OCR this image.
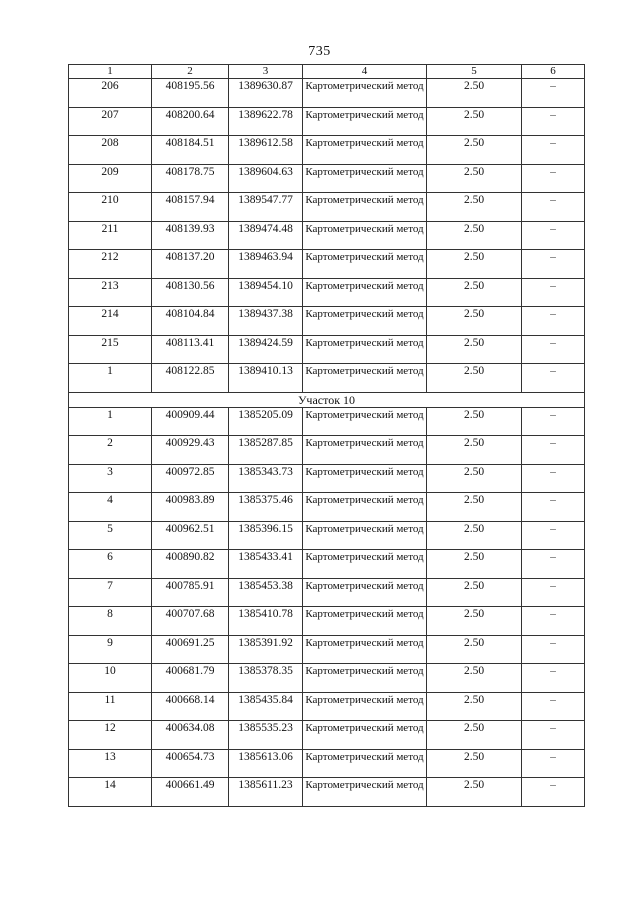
735
1	2	3	4	5	6
206	408195.56	1389630.87	Картометрический метод	2.50	–
207	408200.64	1389622.78	Картометрический метод	2.50	–
208	408184.51	1389612.58	Картометрический метод	2.50	–
209	408178.75	1389604.63	Картометрический метод	2.50	–
210	408157.94	1389547.77	Картометрический метод	2.50	–
211	408139.93	1389474.48	Картометрический метод	2.50	–
212	408137.20	1389463.94	Картометрический метод	2.50	–
213	408130.56	1389454.10	Картометрический метод	2.50	–
214	408104.84	1389437.38	Картометрический метод	2.50	–
215	408113.41	1389424.59	Картометрический метод	2.50	–
1	408122.85	1389410.13	Картометрический метод	2.50	–
Участок 10					
1	400909.44	1385205.09	Картометрический метод	2.50	–
2	400929.43	1385287.85	Картометрический метод	2.50	–
3	400972.85	1385343.73	Картометрический метод	2.50	–
4	400983.89	1385375.46	Картометрический метод	2.50	–
5	400962.51	1385396.15	Картометрический метод	2.50	–
6	400890.82	1385433.41	Картометрический метод	2.50	–
7	400785.91	1385453.38	Картометрический метод	2.50	–
8	400707.68	1385410.78	Картометрический метод	2.50	–
9	400691.25	1385391.92	Картометрический метод	2.50	–
10	400681.79	1385378.35	Картометрический метод	2.50	–
11	400668.14	1385435.84	Картометрический метод	2.50	–
12	400634.08	1385535.23	Картометрический метод	2.50	–
13	400654.73	1385613.06	Картометрический метод	2.50	–
14	400661.49	1385611.23	Картометрический метод	2.50	–
